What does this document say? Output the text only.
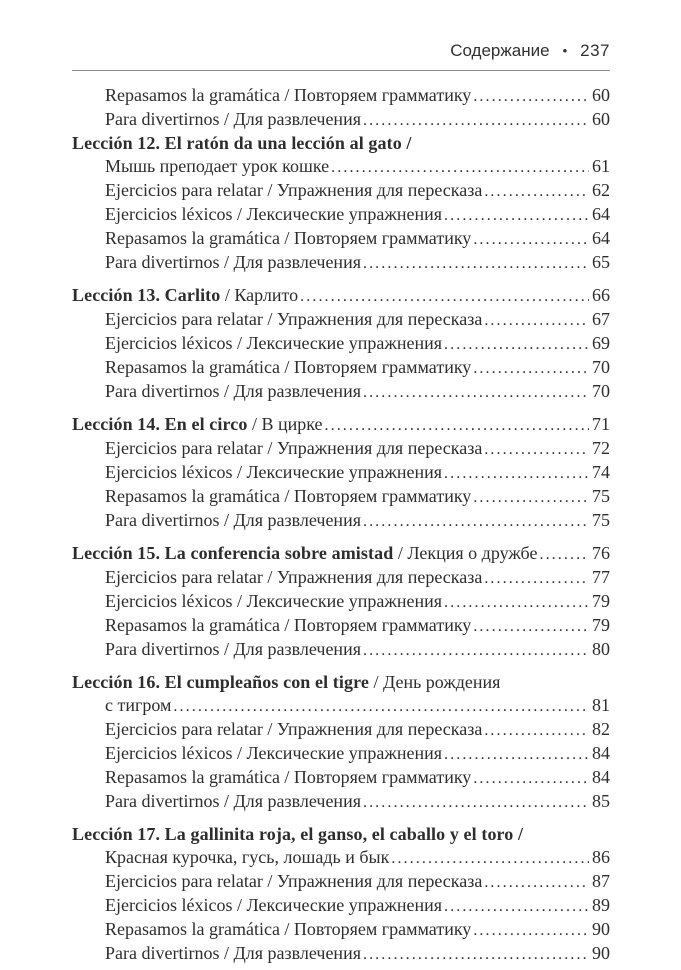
Содержание • 237
Repasamos la gramática / Повторяем грамматику .....	60
Para divertirnos / Для развлечения .....	60
Lección 12. El ratón da una lección al gato /
Мышь преподает урок кошке .....	61
Ejercicios para relatar / Упражнения для пересказа .....	62
Ejercicios léxicos / Лексические упражнения .....	64
Repasamos la gramática / Повторяем грамматику .....	64
Para divertirnos / Для развлечения .....	65
Lección 13. Carlito / Карлито .....	66
Ejercicios para relatar / Упражнения для пересказа .....	67
Ejercicios léxicos / Лексические упражнения .....	69
Repasamos la gramática / Повторяем грамматику .....	70
Para divertirnos / Для развлечения .....	70
Lección 14. En el circo / В цирке .....	71
Ejercicios para relatar / Упражнения для пересказа .....	72
Ejercicios léxicos / Лексические упражнения .....	74
Repasamos la gramática / Повторяем грамматику .....	75
Para divertirnos / Для развлечения .....	75
Lección 15. La conferencia sobre amistad / Лекция о дружбе .....	76
Ejercicios para relatar / Упражнения для пересказа .....	77
Ejercicios léxicos / Лексические упражнения .....	79
Repasamos la gramática / Повторяем грамматику .....	79
Para divertirnos / Для развлечения .....	80
Lección 16. El cumpleaños con el tigre / День рождения
с тигром .....	81
Ejercicios para relatar / Упражнения для пересказа .....	82
Ejercicios léxicos / Лексические упражнения .....	84
Repasamos la gramática / Повторяем грамматику .....	84
Para divertirnos / Для развлечения .....	85
Lección 17. La gallinita roja, el ganso, el caballo y el toro /
Красная курочка, гусь, лошадь и бык .....	86
Ejercicios para relatar / Упражнения для пересказа .....	87
Ejercicios léxicos / Лексические упражнения .....	89
Repasamos la gramática / Повторяем грамматику .....	90
Para divertirnos / Для развлечения .....	90
